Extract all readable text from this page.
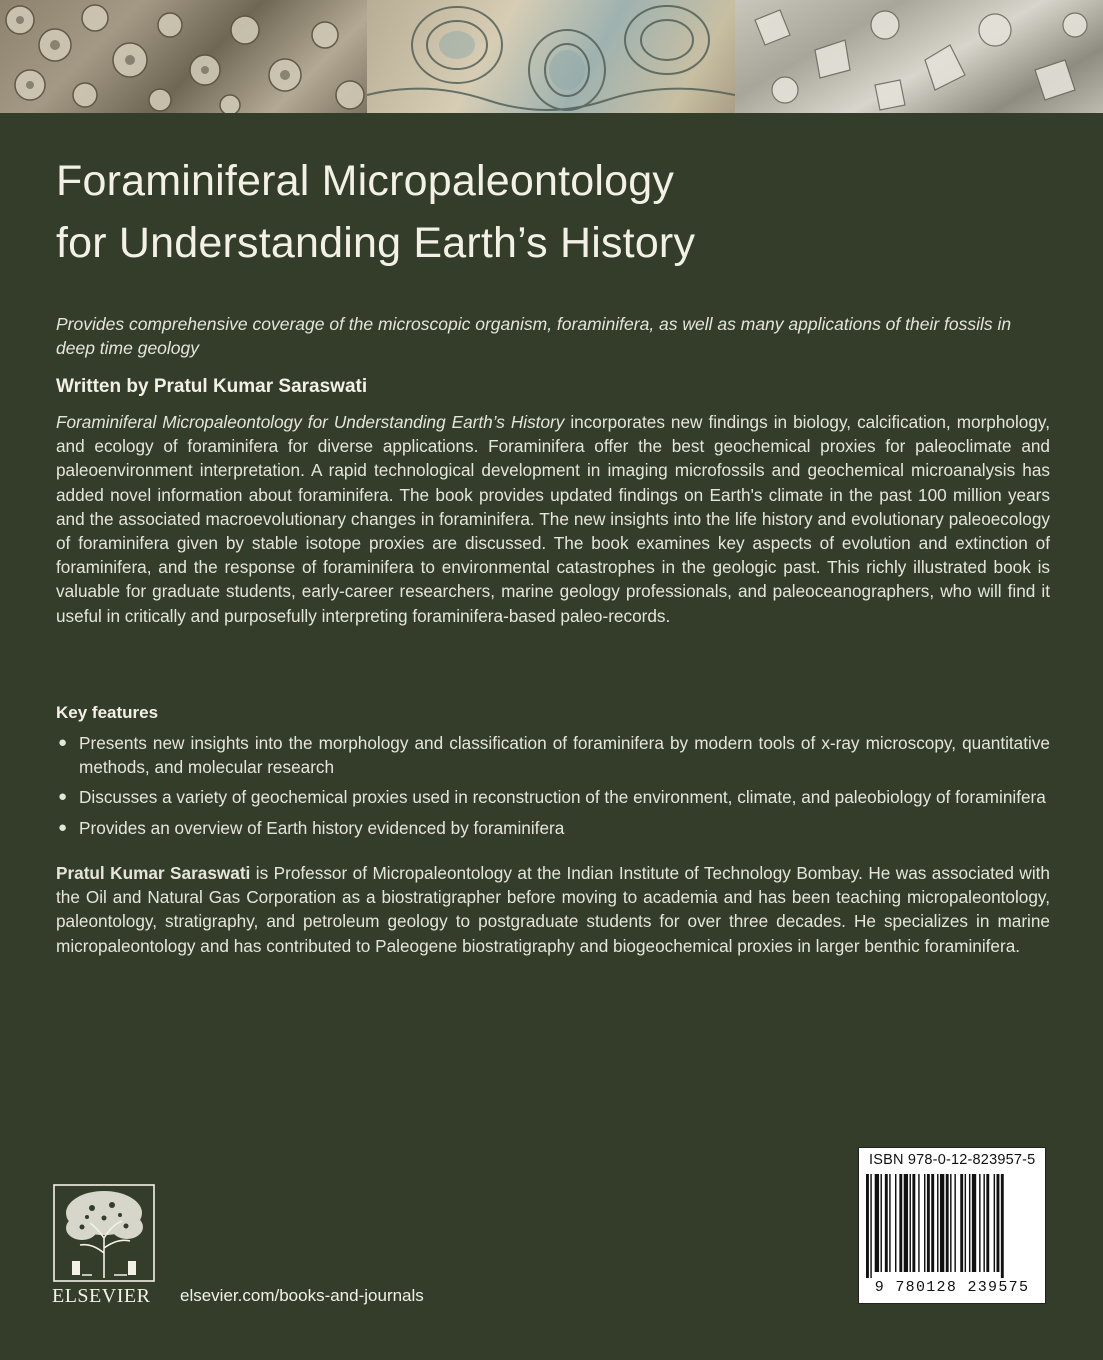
Foraminiferal Micropaleontology
for Understanding Earth’s History
Provides comprehensive coverage of the microscopic organism, foraminifera, as well as many applications of their fossils in deep time geology
Written by Pratul Kumar Saraswati
Foraminiferal Micropaleontology for Understanding Earth’s History incorporates new findings in biology, calcification, morphology, and ecology of foraminifera for diverse applications. Foraminifera offer the best geochemical proxies for paleoclimate and paleoenvironment interpretation. A rapid technological development in imaging microfossils and geochemical microanalysis has added novel information about foraminifera. The book provides updated findings on Earth's climate in the past 100 million years and the associated macroevolutionary changes in foraminifera. The new insights into the life history and evolutionary paleoecology of foraminifera given by stable isotope proxies are discussed. The book examines key aspects of evolution and extinction of foraminifera, and the response of foraminifera to environmental catastrophes in the geologic past. This richly illustrated book is valuable for graduate students, early-career researchers, marine geology professionals, and paleoceanographers, who will find it useful in critically and purposefully interpreting foraminifera-based paleo-records.
Key features
● Presents new insights into the morphology and classification of foraminifera by modern tools of x-ray microscopy, quantitative methods, and molecular research
● Discusses a variety of geochemical proxies used in reconstruction of the environment, climate, and paleobiology of foraminifera
● Provides an overview of Earth history evidenced by foraminifera
Pratul Kumar Saraswati is Professor of Micropaleontology at the Indian Institute of Technology Bombay. He was associated with the Oil and Natural Gas Corporation as a biostratigrapher before moving to academia and has been teaching micropaleontology, paleontology, stratigraphy, and petroleum geology to postgraduate students for over three decades. He specializes in marine micropaleontology and has contributed to Paleogene biostratigraphy and biogeochemical proxies in larger benthic foraminifera.
ELSEVIER	elsevier.com/books-and-journals
ISBN 978-0-12-823957-5
9 780128 239575
